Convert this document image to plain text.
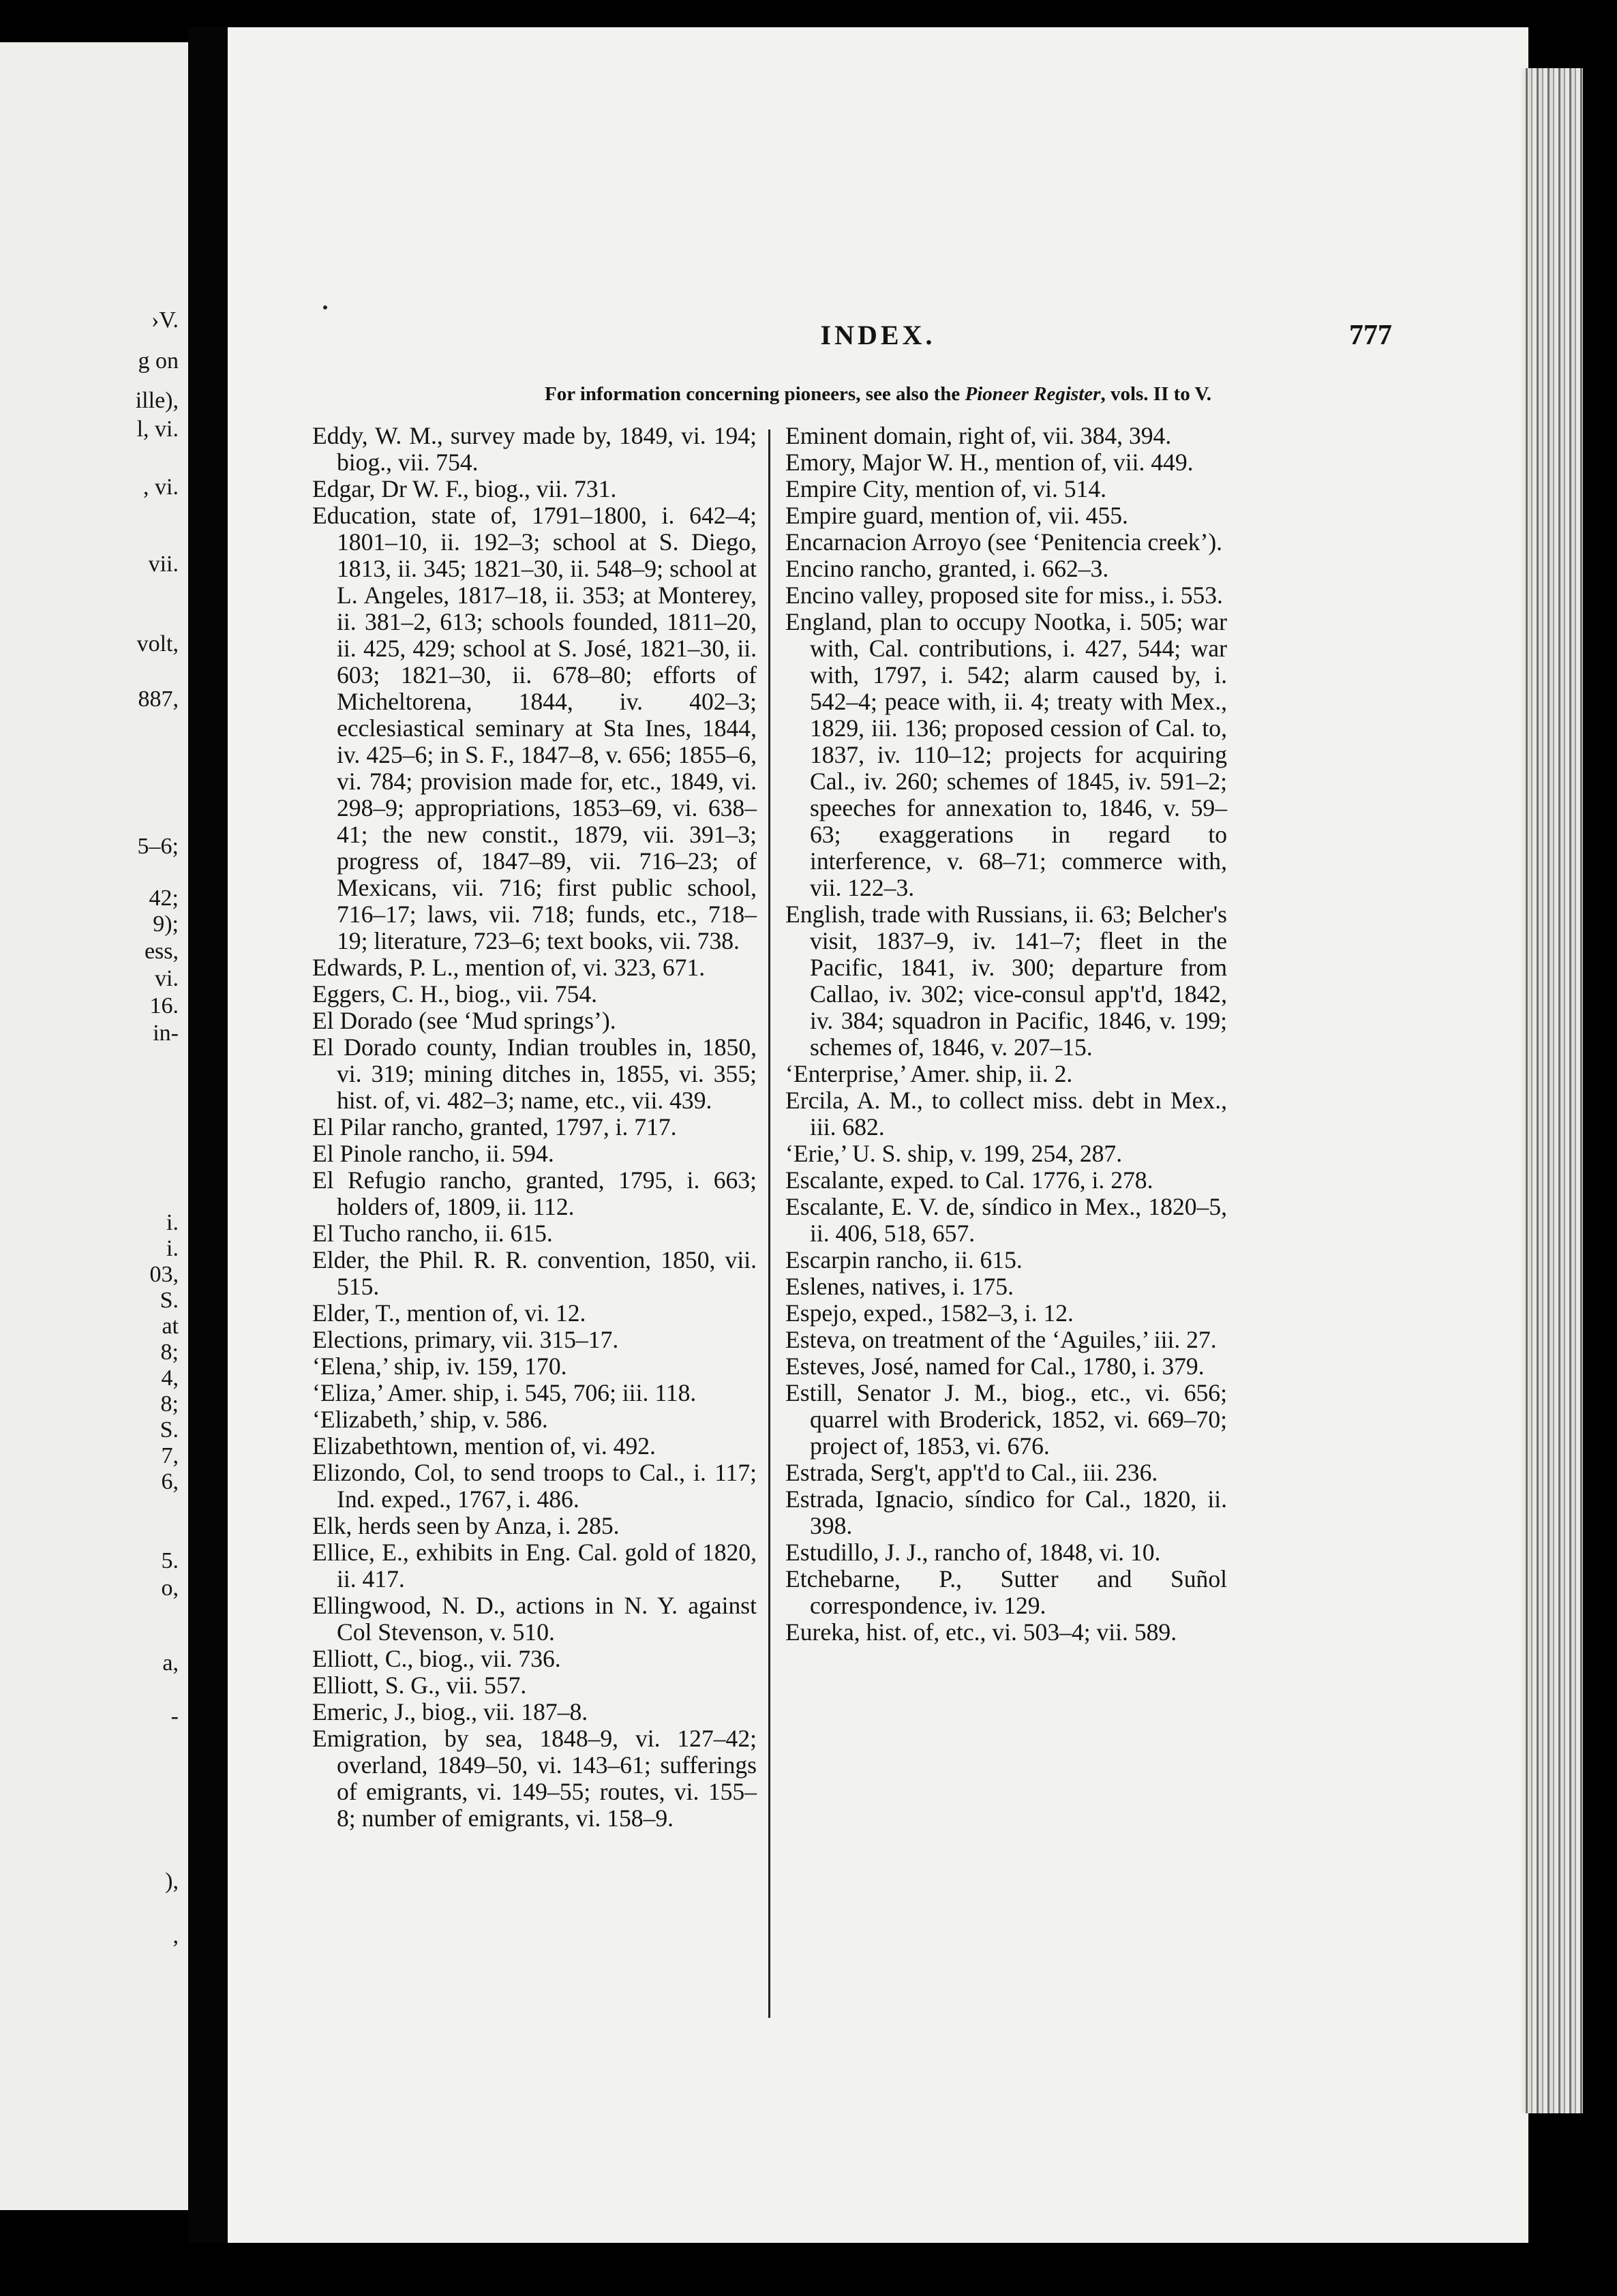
›V.
g on
ille),
l, vi.
, vi.
vii.
volt,
887,
5–6;
42;
9);
ess,
vi.
16.
in-
i.
i.
03,
S.
at
8;
4,
8;
S.
7,
6,
5.
o,
a,
-
),
,
INDEX.	777
For information concerning pioneers, see also the Pioneer Register, vols. II to V.

Eddy, W. M., survey made by, 1849, vi. 194; biog., vii. 754.

Edgar, Dr W. F., biog., vii. 731.

Education, state of, 1791–1800, i. 642–4; 1801–10, ii. 192–3; school at S. Diego, 1813, ii. 345; 1821–30, ii. 548–9; school at L. Angeles, 1817–18, ii. 353; at Monterey, ii. 381–2, 613; schools founded, 1811–20, ii. 425, 429; school at S. José, 1821–30, ii. 603; 1821–30, ii. 678–80; efforts of Micheltorena, 1844, iv. 402–3; ecclesiastical seminary at Sta Ines, 1844, iv. 425–6; in S. F., 1847–8, v. 656; 1855–6, vi. 784; provision made for, etc., 1849, vi. 298–9; appropriations, 1853–69, vi. 638–41; the new constit., 1879, vii. 391–3; progress of, 1847–89, vii. 716–23; of Mexicans, vii. 716; first public school, 716–17; laws, vii. 718; funds, etc., 718–19; literature, 723–6; text books, vii. 738.

Edwards, P. L., mention of, vi. 323, 671.

Eggers, C. H., biog., vii. 754.

El Dorado (see ‘Mud springs’).

El Dorado county, Indian troubles in, 1850, vi. 319; mining ditches in, 1855, vi. 355; hist. of, vi. 482–3; name, etc., vii. 439.

El Pilar rancho, granted, 1797, i. 717.

El Pinole rancho, ii. 594.

El Refugio rancho, granted, 1795, i. 663; holders of, 1809, ii. 112.

El Tucho rancho, ii. 615.

Elder, the Phil. R. R. convention, 1850, vii. 515.

Elder, T., mention of, vi. 12.

Elections, primary, vii. 315–17.

‘Elena,’ ship, iv. 159, 170.

‘Eliza,’ Amer. ship, i. 545, 706; iii. 118.

‘Elizabeth,’ ship, v. 586.

Elizabethtown, mention of, vi. 492.

Elizondo, Col, to send troops to Cal., i. 117; Ind. exped., 1767, i. 486.

Elk, herds seen by Anza, i. 285.

Ellice, E., exhibits in Eng. Cal. gold of 1820, ii. 417.

Ellingwood, N. D., actions in N. Y. against Col Stevenson, v. 510.

Elliott, C., biog., vii. 736.

Elliott, S. G., vii. 557.

Emeric, J., biog., vii. 187–8.

Emigration, by sea, 1848–9, vi. 127–42; overland, 1849–50, vi. 143–61; sufferings of emigrants, vi. 149–55; routes, vi. 155–8; number of emigrants, vi. 158–9.

Eminent domain, right of, vii. 384, 394.

Emory, Major W. H., mention of, vii. 449.

Empire City, mention of, vi. 514.

Empire guard, mention of, vii. 455.

Encarnacion Arroyo (see ‘Penitencia creek’).

Encino rancho, granted, i. 662–3.

Encino valley, proposed site for miss., i. 553.

England, plan to occupy Nootka, i. 505; war with, Cal. contributions, i. 427, 544; war with, 1797, i. 542; alarm caused by, i. 542–4; peace with, ii. 4; treaty with Mex., 1829, iii. 136; proposed cession of Cal. to, 1837, iv. 110–12; projects for acquiring Cal., iv. 260; schemes of 1845, iv. 591–2; speeches for annexation to, 1846, v. 59–63; exaggerations in regard to interference, v. 68–71; commerce with, vii. 122–3.

English, trade with Russians, ii. 63; Belcher's visit, 1837–9, iv. 141–7; fleet in the Pacific, 1841, iv. 300; departure from Callao, iv. 302; vice-consul app't'd, 1842, iv. 384; squadron in Pacific, 1846, v. 199; schemes of, 1846, v. 207–15.

‘Enterprise,’ Amer. ship, ii. 2.

Ercila, A. M., to collect miss. debt in Mex., iii. 682.

‘Erie,’ U. S. ship, v. 199, 254, 287.

Escalante, exped. to Cal. 1776, i. 278.

Escalante, E. V. de, síndico in Mex., 1820–5, ii. 406, 518, 657.

Escarpin rancho, ii. 615.

Eslenes, natives, i. 175.

Espejo, exped., 1582–3, i. 12.

Esteva, on treatment of the ‘Aguiles,’ iii. 27.

Esteves, José, named for Cal., 1780, i. 379.

Estill, Senator J. M., biog., etc., vi. 656; quarrel with Broderick, 1852, vi. 669–70; project of, 1853, vi. 676.

Estrada, Serg't, app't'd to Cal., iii. 236.

Estrada, Ignacio, síndico for Cal., 1820, ii. 398.

Estudillo, J. J., rancho of, 1848, vi. 10.

Etchebarne, P., Sutter and Suñol correspondence, iv. 129.

Eureka, hist. of, etc., vi. 503–4; vii. 589.
